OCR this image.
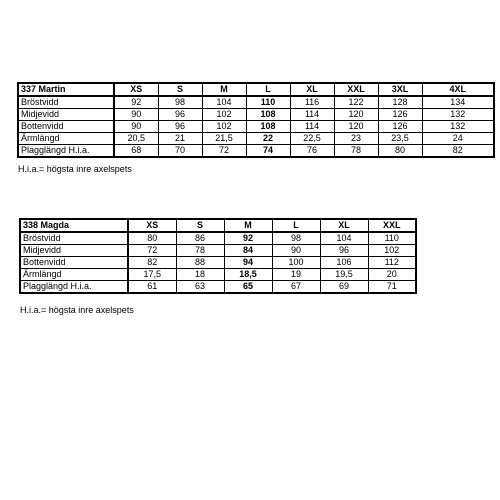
337 Martin	XS	S	M	L	XL	XXL	3XL	4XL
Bröstvidd	92	98	104	110	116	122	128	134
Midjevidd	90	96	102	108	114	120	126	132
Bottenvidd	90	96	102	108	114	120	126	132
Ärmlängd	20,5	21	21,5	22	22,5	23	23,5	24
Plagglängd H.i.a.	68	70	72	74	76	78	80	82
H.i.a.= högsta inre axelspets
338 Magda	XS	S	M	L	XL	XXL
Bröstvidd	80	86	92	98	104	110
Midjevidd	72	78	84	90	96	102
Bottenvidd	82	88	94	100	106	112
Ärmlängd	17,5	18	18,5	19	19,5	20
Plagglängd H.i.a.	61	63	65	67	69	71
H.i.a.= högsta inre axelspets
